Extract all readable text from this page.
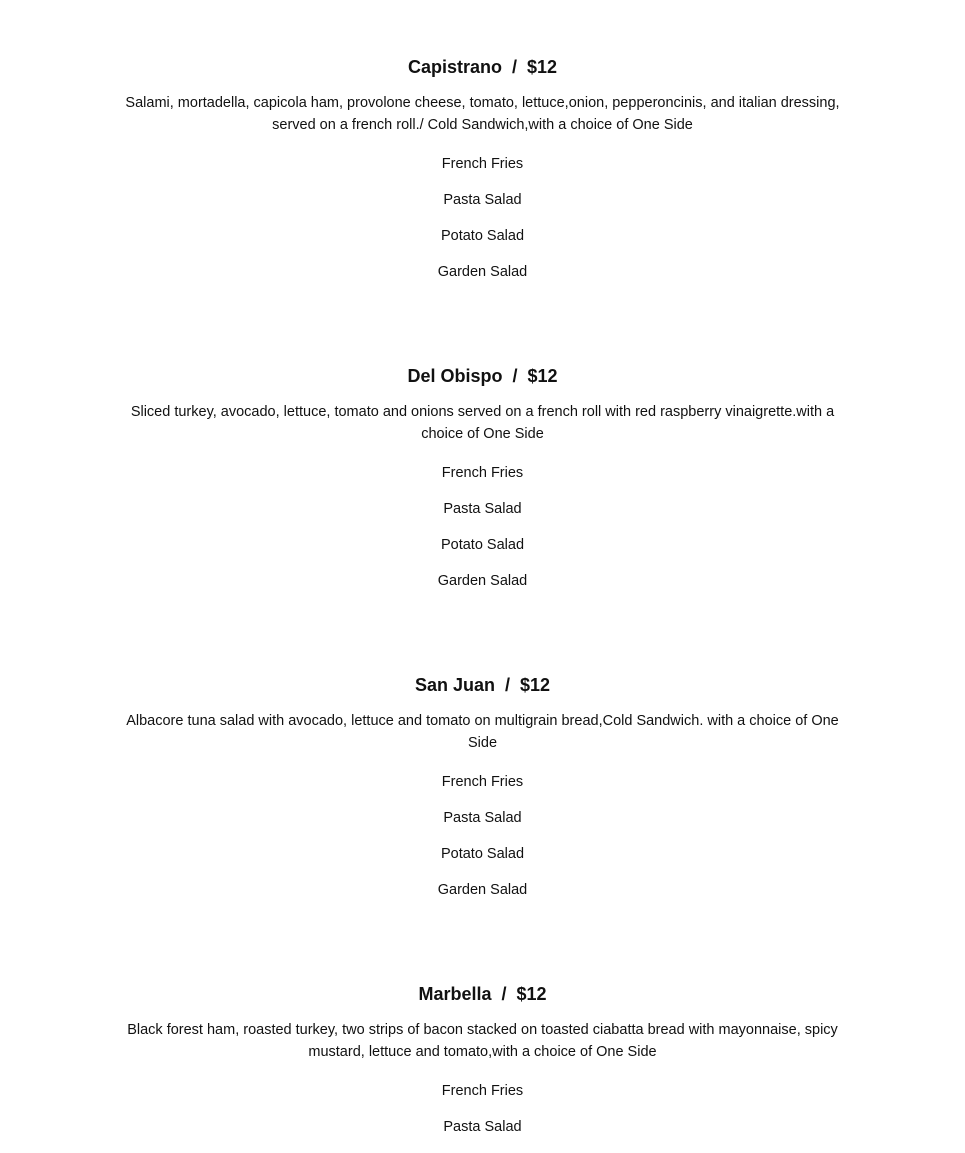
Capistrano / $12

Salami, mortadella, capicola ham, provolone cheese, tomato, lettuce,onion, pepperoncinis, and italian dressing, served on a french roll./ Cold Sandwich,with a choice of One Side

French Fries
Pasta Salad
Potato Salad
Garden Salad
Del Obispo / $12

Sliced turkey, avocado, lettuce, tomato and onions served on a french roll with red raspberry vinaigrette.with a choice of One Side

French Fries
Pasta Salad
Potato Salad
Garden Salad
San Juan / $12

Albacore tuna salad with avocado, lettuce and tomato on multigrain bread,Cold Sandwich. with a choice of One Side

French Fries
Pasta Salad
Potato Salad
Garden Salad
Marbella / $12

Black forest ham, roasted turkey, two strips of bacon stacked on toasted ciabatta bread with mayonnaise, spicy mustard, lettuce and tomato,with a choice of One Side

French Fries
Pasta Salad
